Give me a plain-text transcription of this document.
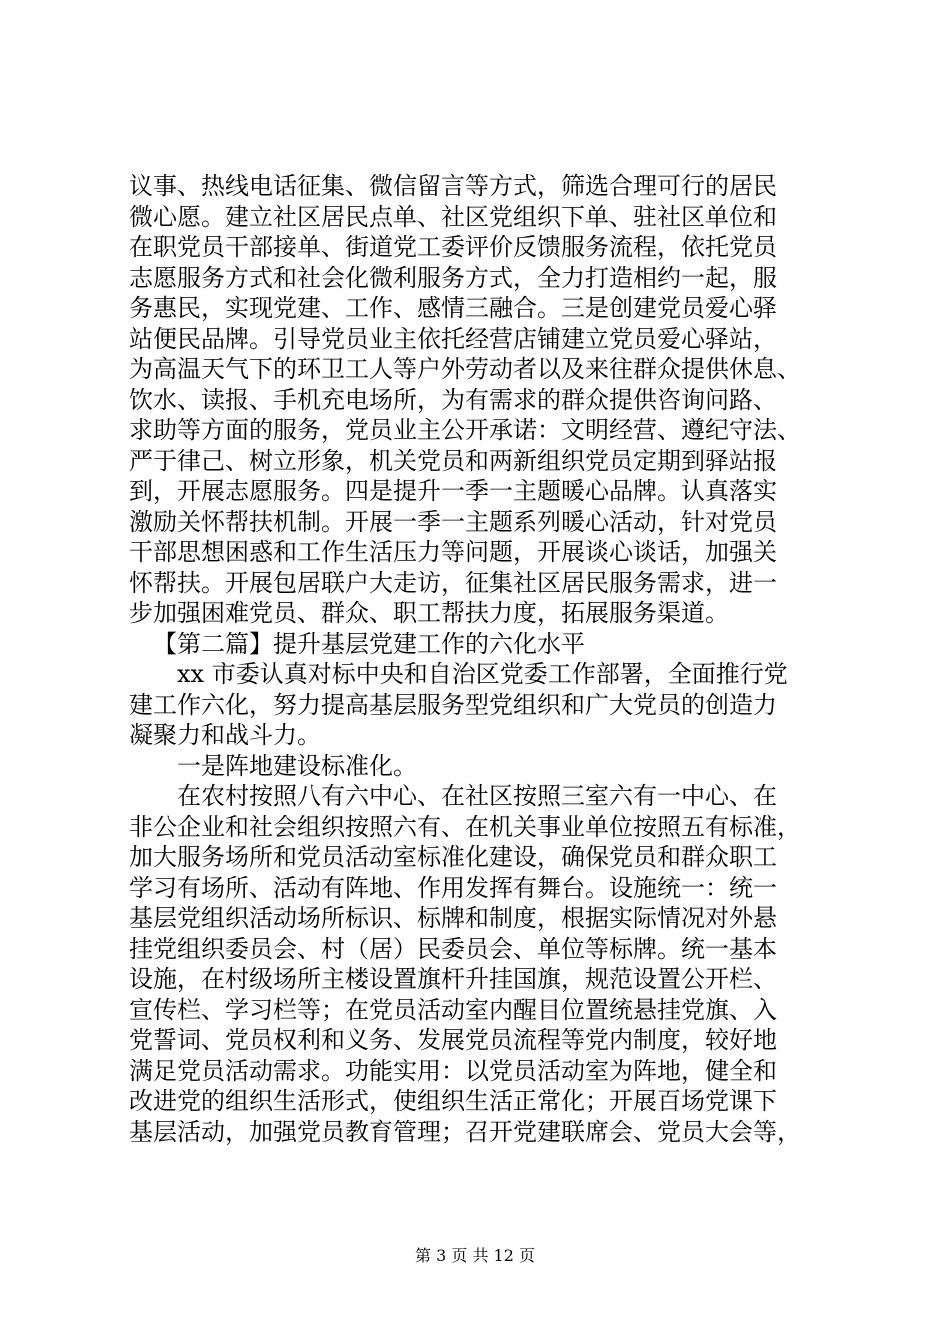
议事、热线电话征集、微信留言等方式，筛选合理可行的居民
微心愿。建立社区居民点单、社区党组织下单、驻社区单位和
在职党员干部接单、街道党工委评价反馈服务流程，依托党员
志愿服务方式和社会化微利服务方式，全力打造相约一起，服
务惠民，实现党建、工作、感情三融合。三是创建党员爱心驿
站便民品牌。引导党员业主依托经营店铺建立党员爱心驿站，
为高温天气下的环卫工人等户外劳动者以及来往群众提供休息、
饮水、读报、手机充电场所，为有需求的群众提供咨询问路、
求助等方面的服务，党员业主公开承诺：文明经营、遵纪守法、
严于律己、树立形象，机关党员和两新组织党员定期到驿站报
到，开展志愿服务。四是提升一季一主题暖心品牌。认真落实
激励关怀帮扶机制。开展一季一主题系列暖心活动，针对党员
干部思想困惑和工作生活压力等问题，开展谈心谈话，加强关
怀帮扶。开展包居联户大走访，征集社区居民服务需求，进一
步加强困难党员、群众、职工帮扶力度，拓展服务渠道。
【第二篇】提升基层党建工作的六化水平
xx 市委认真对标中央和自治区党委工作部署，全面推行党
建工作六化，努力提高基层服务型党组织和广大党员的创造力
凝聚力和战斗力。
一是阵地建设标准化。
在农村按照八有六中心、在社区按照三室六有一中心、在
非公企业和社会组织按照六有、在机关事业单位按照五有标准，
加大服务场所和党员活动室标准化建设，确保党员和群众职工
学习有场所、活动有阵地、作用发挥有舞台。设施统一：统一
基层党组织活动场所标识、标牌和制度，根据实际情况对外悬
挂党组织委员会、村（居）民委员会、单位等标牌。统一基本
设施，在村级场所主楼设置旗杆升挂国旗，规范设置公开栏、
宣传栏、学习栏等；在党员活动室内醒目位置统悬挂党旗、入
党誓词、党员权利和义务、发展党员流程等党内制度，较好地
满足党员活动需求。功能实用：以党员活动室为阵地，健全和
改进党的组织生活形式，使组织生活正常化；开展百场党课下
基层活动，加强党员教育管理；召开党建联席会、党员大会等，
第 3 页 共 12 页
